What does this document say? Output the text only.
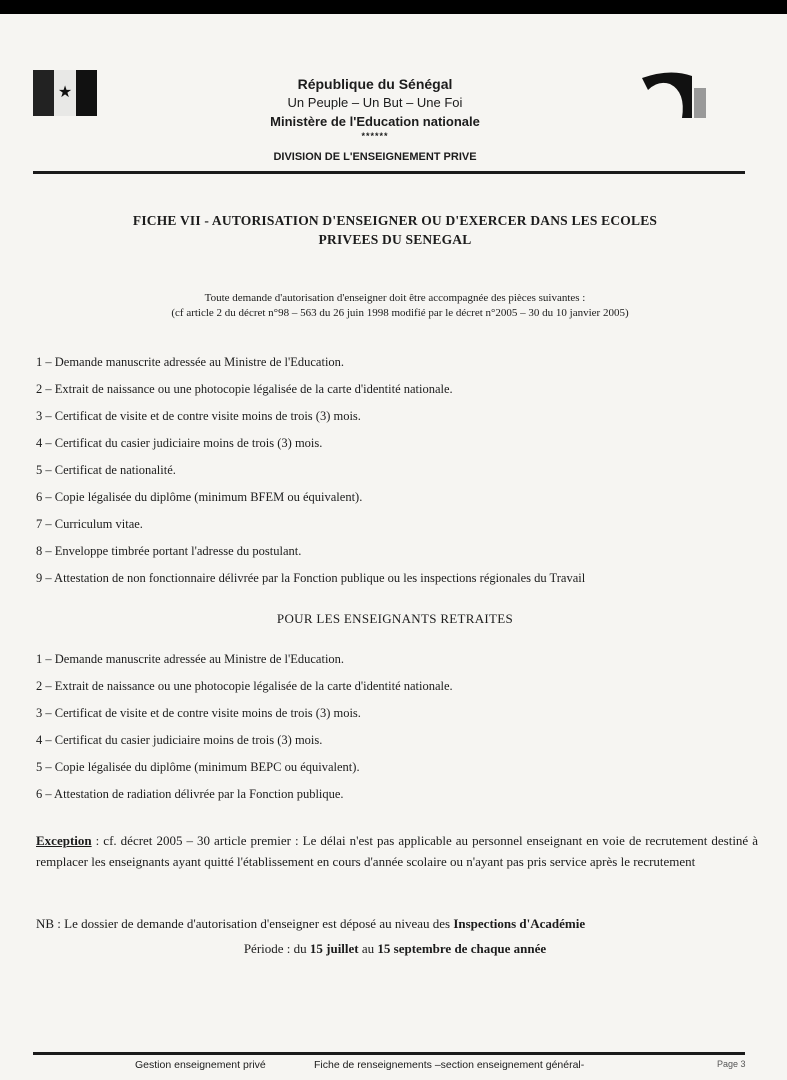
★	République du Sénégal
Un Peuple – Un But – Une Foi
Ministère de l'Education nationale
******
DIVISION DE L'ENSEIGNEMENT PRIVE
FICHE VII - AUTORISATION D'ENSEIGNER OU D'EXERCER DANS LES ECOLES
PRIVEES DU SENEGAL
Toute demande d'autorisation d'enseigner doit être accompagnée des pièces suivantes :
(cf article 2 du décret n°98 – 563 du 26 juin 1998 modifié par le décret n°2005 – 30 du 10 janvier 2005)
1 – Demande manuscrite adressée au Ministre de l'Education.
2 – Extrait de naissance ou une photocopie légalisée de la carte d'identité nationale.
3 – Certificat de visite et de contre visite moins de trois (3) mois.
4 – Certificat du casier judiciaire moins de trois (3) mois.
5 – Certificat de nationalité.
6 – Copie légalisée du diplôme (minimum BFEM ou équivalent).
7 – Curriculum vitae.
8 – Enveloppe timbrée portant l'adresse du postulant.
9 – Attestation de non fonctionnaire délivrée par la Fonction publique ou les inspections régionales du Travail
POUR LES ENSEIGNANTS RETRAITES
1 – Demande manuscrite adressée au Ministre de l'Education.
2 – Extrait de naissance ou une photocopie légalisée de la carte d'identité nationale.
3 – Certificat de visite et de contre visite moins de trois (3) mois.
4 – Certificat du casier judiciaire moins de trois (3) mois.
5 – Copie légalisée du diplôme (minimum BEPC ou équivalent).
6 – Attestation de radiation délivrée par la Fonction publique.
Exception : cf. décret 2005 – 30 article premier : Le délai n'est pas applicable au personnel enseignant en voie de recrutement destiné à remplacer les enseignants ayant quitté l'établissement en cours d'année scolaire ou n'ayant pas pris service après le recrutement
NB : Le dossier de demande d'autorisation d'enseigner est déposé au niveau des Inspections d'Académie
Période : du 15 juillet au 15 septembre de chaque année
Gestion enseignement privé	Fiche de renseignements –section enseignement général-	Page 3
